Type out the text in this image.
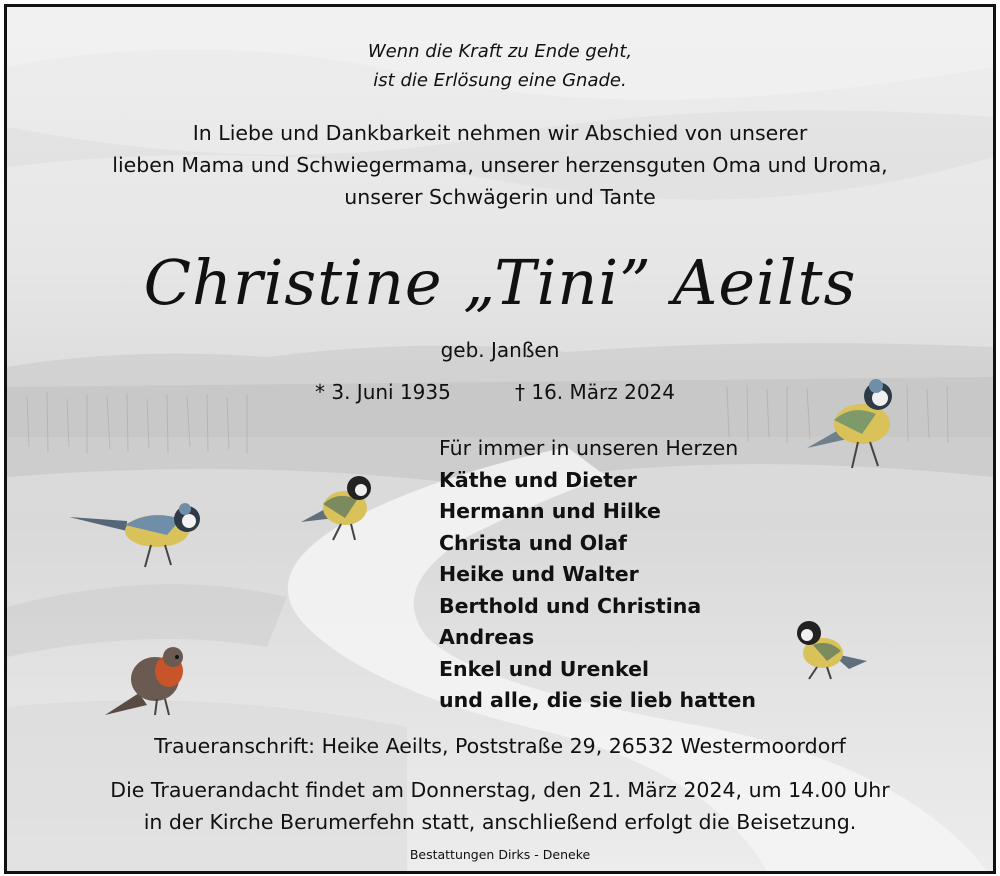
Wenn die Kraft zu Ende geht,
ist die Erlösung eine Gnade.
In Liebe und Dankbarkeit nehmen wir Abschied von unserer
lieben Mama und Schwiegermama, unserer herzensguten Oma und Uroma,
unserer Schwägerin und Tante
Christine „Tini” Aeilts
geb. Janßen
* 3. Juni 1935	† 16. März 2024
Für immer in unseren Herzen
Käthe und Dieter
Hermann und Hilke
Christa und Olaf
Heike und Walter
Berthold und Christina
Andreas
Enkel und Urenkel
und alle, die sie lieb hatten
Traueranschrift: Heike Aeilts, Poststraße 29, 26532 Westermoordorf
Die Trauerandacht findet am Donnerstag, den 21. März 2024, um 14.00 Uhr
in der Kirche Berumerfehn statt, anschließend erfolgt die Beisetzung.
Bestattungen Dirks - Deneke
